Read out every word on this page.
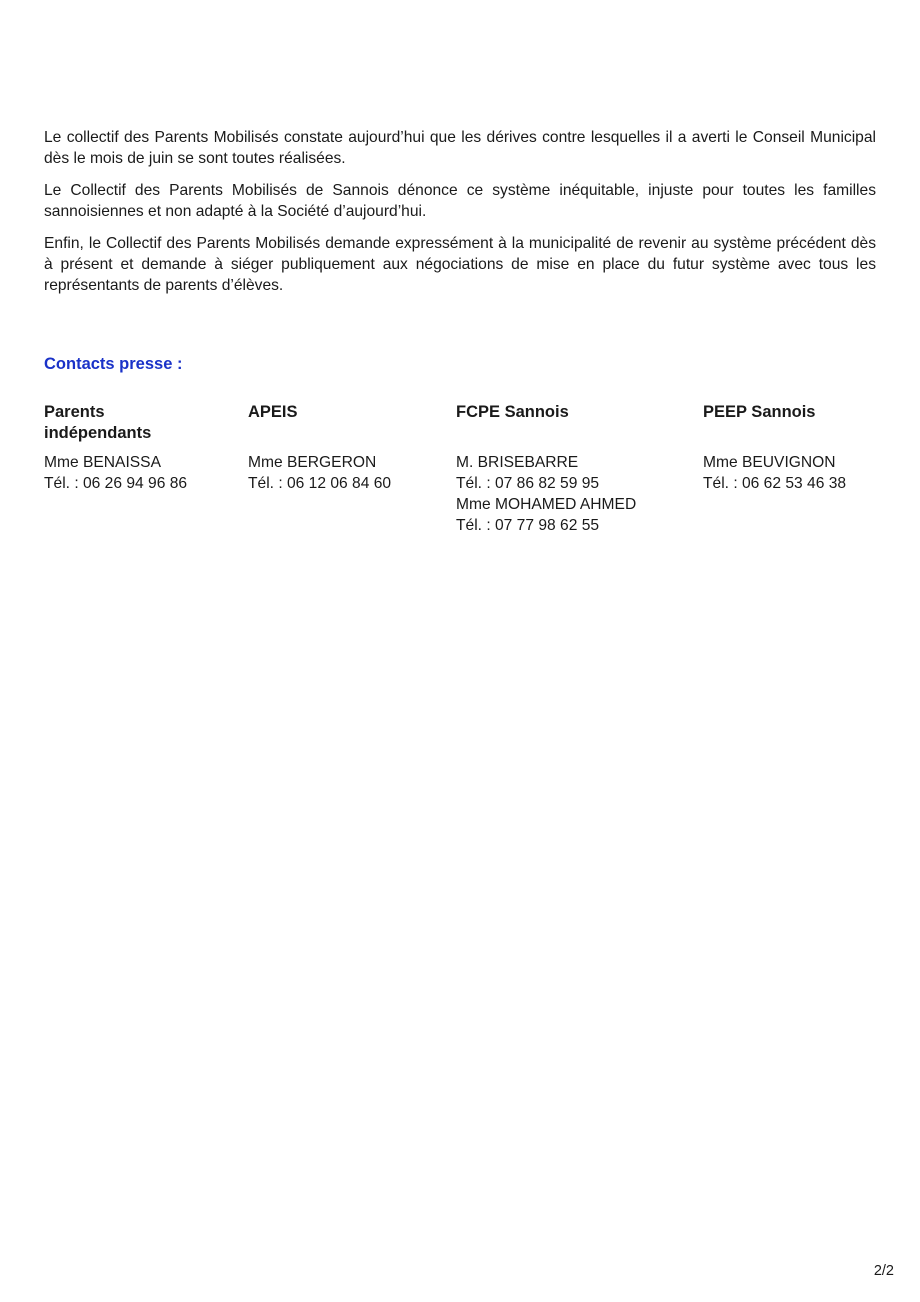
Le collectif des Parents Mobilisés constate aujourd’hui que les dérives contre lesquelles il a averti le Conseil Municipal dès le mois de juin se sont toutes réalisées.

Le Collectif des Parents Mobilisés de Sannois dénonce ce système inéquitable, injuste pour toutes les familles sannoisiennes et non adapté à la Société d’aujourd’hui.

Enfin, le Collectif des Parents Mobilisés demande expressément à la municipalité de revenir au système précédent dès à présent et demande à siéger publiquement aux négociations de mise en place du futur système avec tous les représentants de parents d’élèves.

Contacts presse :
Parents indépendants
Mme BENAISSA
Tél. : 06 26 94 96 86
APEIS
Mme BERGERON
Tél. : 06 12 06 84 60
FCPE Sannois
M. BRISEBARRE
Tél. : 07 86 82 59 95
Mme MOHAMED AHMED
Tél. : 07 77 98 62 55
PEEP Sannois
Mme BEUVIGNON
Tél. : 06 62 53 46 38
2/2
